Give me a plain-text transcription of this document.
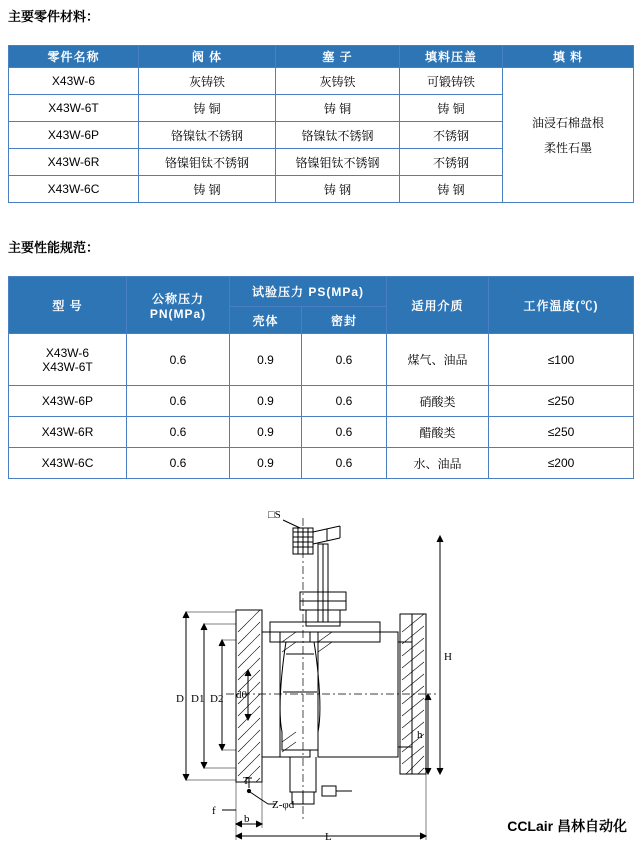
主要零件材料：
零件名称	阀 体	塞 子	填料压盖	填 料
X43W-6	灰铸铁	灰铸铁	可锻铸铁	油浸石棉盘根
柔性石墨

X43W-6T	铸 铜	铸 铜	铸 铜	
X43W-6P	铬镍钛不锈钢	铬镍钛不锈钢	不锈钢	
X43W-6R	铬镍钼钛不锈钢	铬镍钼钛不锈钢	不锈钢	
X43W-6C	铸 钢	铸 钢	铸 钢	
主要性能规范：
型 号	公称压力
PN(MPa)	试验压力 PS(MPa)		适用介质	工作温度(℃)
		壳体	密封		

X43W-6
X43W-6T	0.6	0.9	0.6	煤气、油品	≤100
X43W-6P	0.6	0.9	0.6	硝酸类	≤250
X43W-6R	0.6	0.9	0.6	醋酸类	≤250
X43W-6C	0.6	0.9	0.6	水、油品	≤200
□S
H
h
D D1 D2 d0
L
b
f	Z-φd
T
CCLair 昌林自动化
